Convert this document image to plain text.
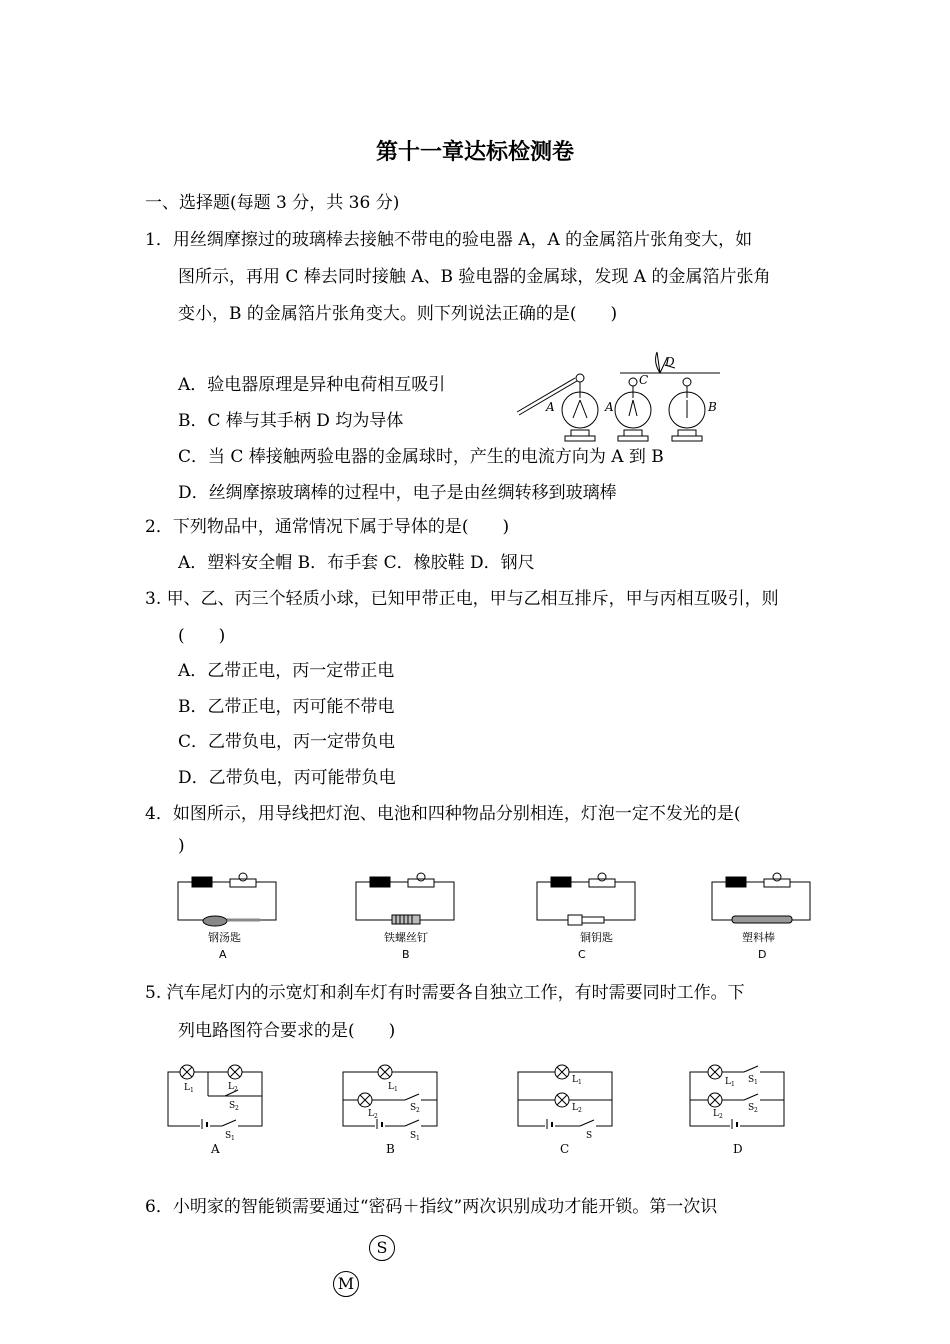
第十一章达标检测卷
一、选择题(每题 3 分，共 36 分)
1．用丝绸摩擦过的玻璃棒去接触不带电的验电器 A，A 的金属箔片张角变大，如
图所示，再用 C 棒去同时接触 A、B 验电器的金属球，发现 A 的金属箔片张角
变小，B 的金属箔片张角变大。则下列说法正确的是(　　)
A．验电器原理是异种电荷相互吸引
B．C 棒与其手柄 D 均为导体
C．当 C 棒接触两验电器的金属球时，产生的电流方向为 A 到 B
D．丝绸摩擦玻璃棒的过程中，电子是由丝绸转移到玻璃棒
A	A	B
C
D
2．下列物品中，通常情况下属于导体的是(　　)
A．塑料安全帽 B．布手套 C．橡胶鞋 D．钢尺
3. 甲、乙、丙三个轻质小球，已知甲带正电，甲与乙相互排斥，甲与丙相互吸引，则
(　　)
A．乙带正电，丙一定带正电
B．乙带正电，丙可能不带电
C．乙带负电，丙一定带负电
D．乙带负电，丙可能带负电
4．如图所示，用导线把灯泡、电池和四种物品分别相连，灯泡一定不发光的是(
)
钢汤匙	铁螺丝钉	铜钥匙	塑料棒
A	B	C	D
5. 汽车尾灯内的示宽灯和刹车灯有时需要各自独立工作，有时需要同时工作。下
列电路图符合要求的是(　　)
L 1	L 2
S 2
S 1
L 1
L 2
S 2
S 1
L 1
L 2
S
L 1 S 1
L 2
S 2
A	B	C	D
6．小明家的智能锁需要通过“密码＋指纹”两次识别成功才能开锁。第一次识
S
M
